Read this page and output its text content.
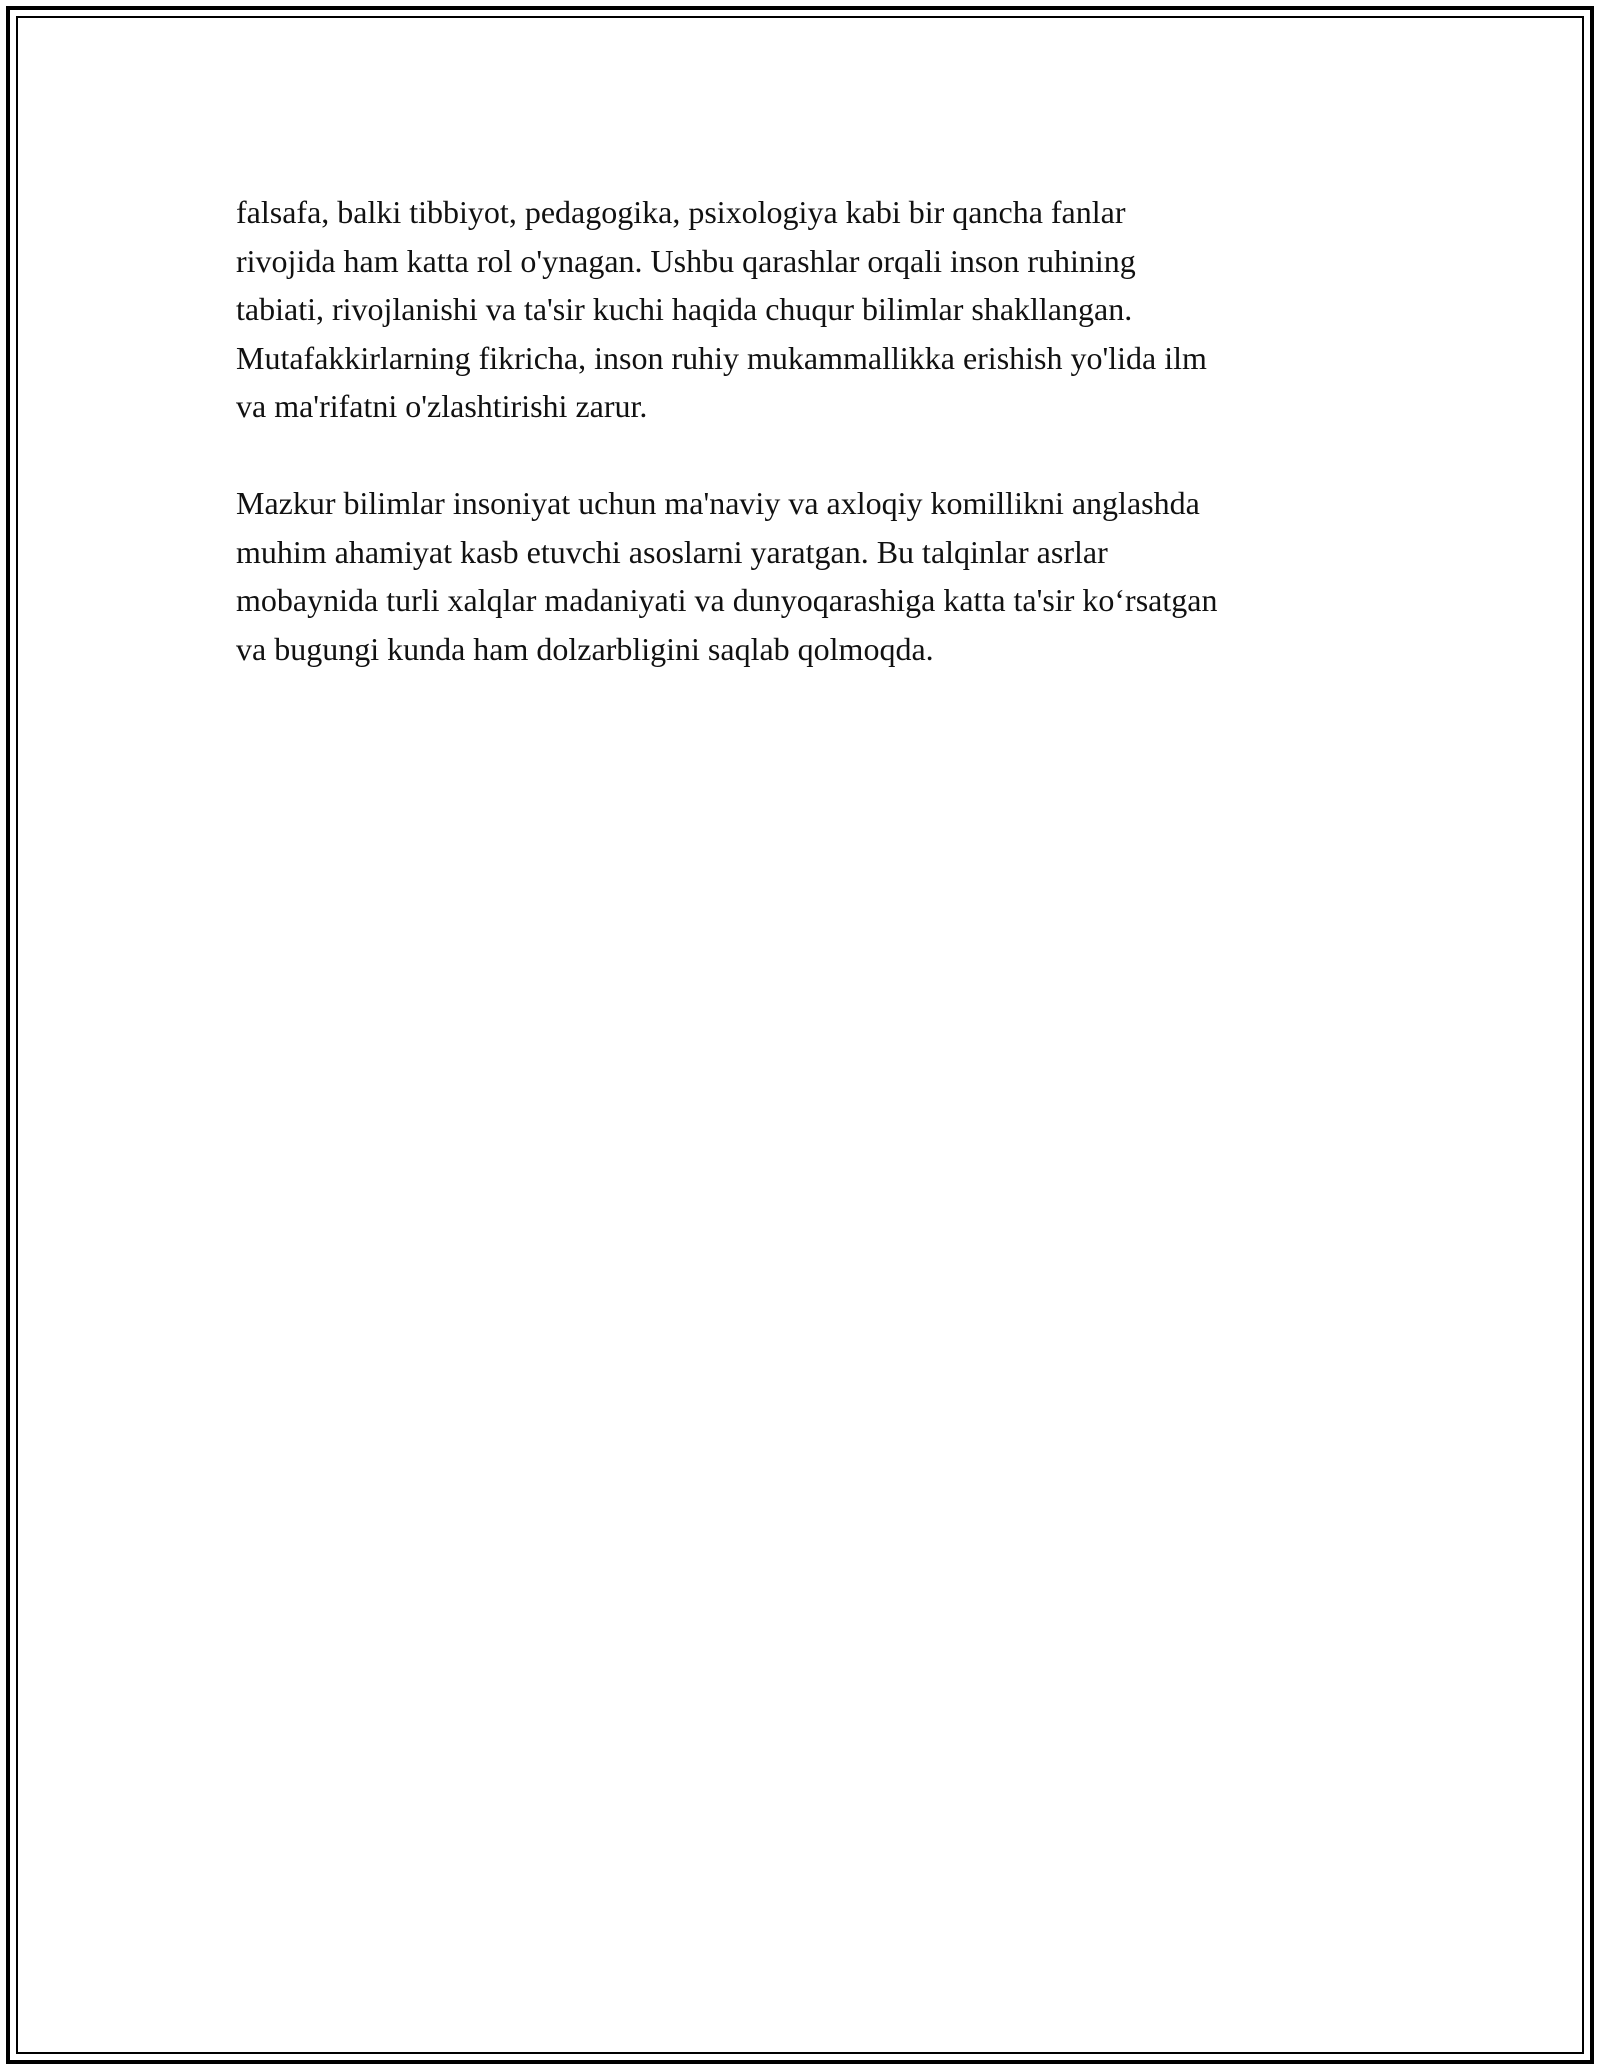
falsafa, balki tibbiyot, pedagogika, psixologiya kabi bir qancha fanlar

rivojida ham katta rol o'ynagan. Ushbu qarashlar orqali inson ruhining

tabiati, rivojlanishi va ta'sir kuchi haqida chuqur bilimlar shakllangan.

Mutafakkirlarning fikricha, inson ruhiy mukammallikka erishish yo'lida ilm

va ma'rifatni o'zlashtirishi zarur.

Mazkur bilimlar insoniyat uchun ma'naviy va axloqiy komillikni anglashda

muhim ahamiyat kasb etuvchi asoslarni yaratgan. Bu talqinlar asrlar

mobaynida turli xalqlar madaniyati va dunyoqarashiga katta ta'sir ko‘rsatgan

va bugungi kunda ham dolzarbligini saqlab qolmoqda.
